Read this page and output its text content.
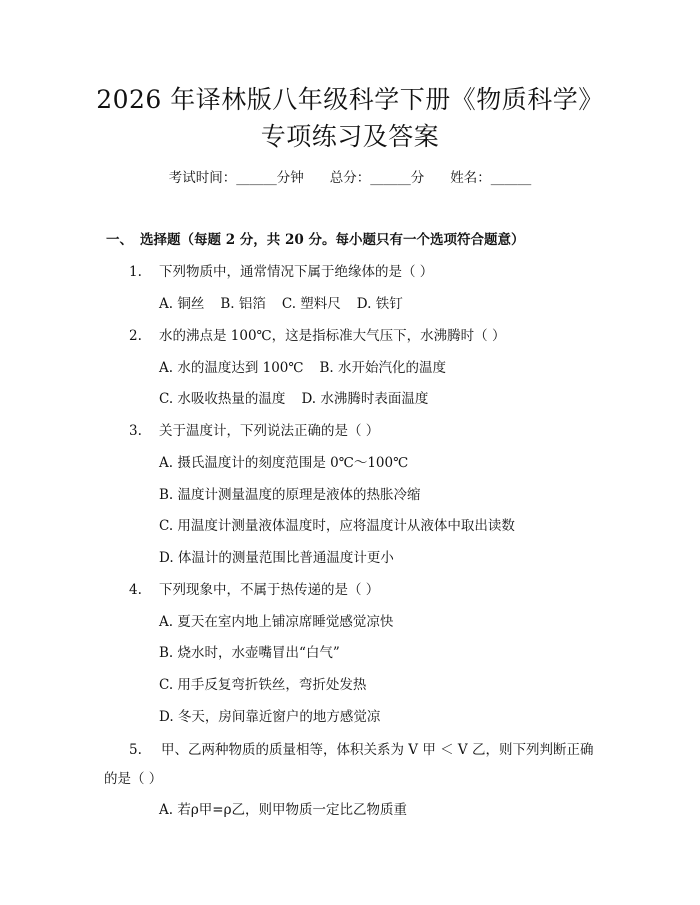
2026 年译林版八年级科学下册《物质科学》
专项练习及答案
考试时间：______分钟 总分：______分 姓名：______
一、 选择题（每题 2 分，共 20 分。每小题只有一个选项符合题意）
1. 下列物质中，通常情况下属于绝缘体的是（ ）
A. 铜丝 B. 铝箔 C. 塑料尺 D. 铁钉
2. 水的沸点是 100℃，这是指标准大气压下，水沸腾时（ ）
A. 水的温度达到 100℃ B. 水开始汽化的温度
C. 水吸收热量的温度 D. 水沸腾时表面温度
3. 关于温度计，下列说法正确的是（ ）
A. 摄氏温度计的刻度范围是 0℃～100℃
B. 温度计测量温度的原理是液体的热胀冷缩
C. 用温度计测量液体温度时，应将温度计从液体中取出读数
D. 体温计的测量范围比普通温度计更小
4. 下列现象中，不属于热传递的是（ ）
A. 夏天在室内地上铺凉席睡觉感觉凉快
B. 烧水时，水壶嘴冒出“白气”
C. 用手反复弯折铁丝，弯折处发热
D. 冬天，房间靠近窗户的地方感觉凉
5. 甲、乙两种物质的质量相等，体积关系为 V 甲 ＜ V 乙，则下列判断正确的是（ ）
A. 若ρ甲=ρ乙，则甲物质一定比乙物质重
